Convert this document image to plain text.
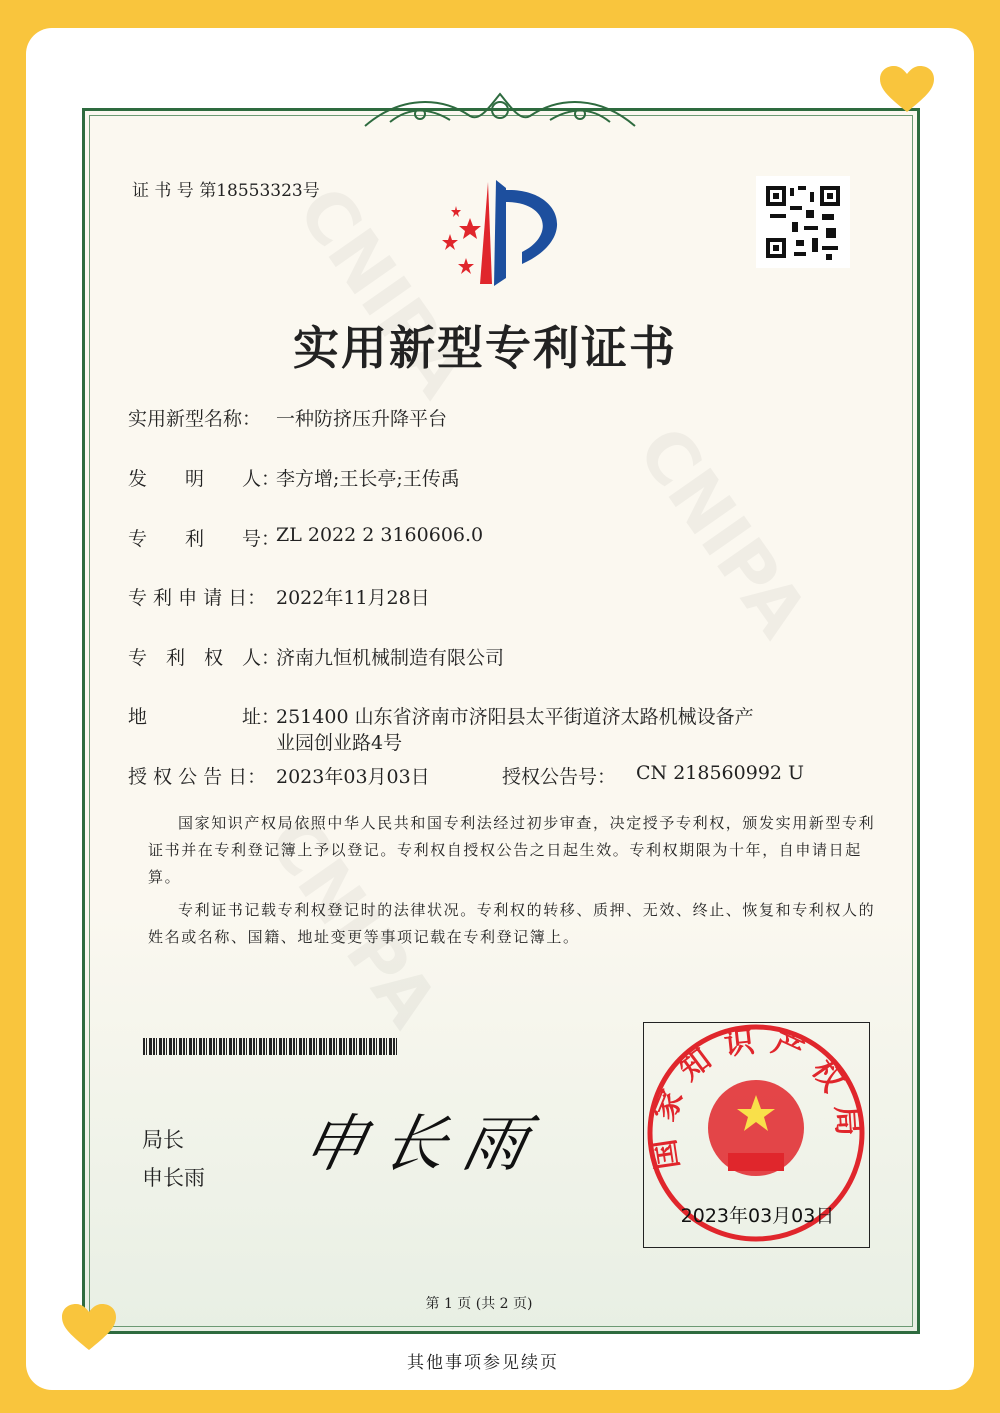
证 书 号 第18553323号
实用新型专利证书
实用新型名称： 一种防挤压升降平台
发　　明　　人：
李方增;王长亭;王传禹
专　　利　　号：
ZL 2022 2 3160606.0
专 利 申 请 日： 2022年11月28日
专　利　权　人：
济南九恒机械制造有限公司
地　　　　　址：
251400 山东省济南市济阳县太平街道济太路机械设备产
业园创业路4号
授 权 公 告 日： 2023年03月03日	授权公告号： CN 218560992 U
国家知识产权局依照中华人民共和国专利法经过初步审查，决定授予专利权，颁发实用新型专利证书并在专利登记簿上予以登记。专利权自授权公告之日起生效。专利权期限为十年，自申请日起算。
专利证书记载专利权登记时的法律状况。专利权的转移、质押、无效、终止、恢复和专利权人的姓名或名称、国籍、地址变更等事项记载在专利登记簿上。
局长
申长雨 申长雨	国家知识产权局
2023年03月03日
第 1 页 (共 2 页)
其他事项参见续页
